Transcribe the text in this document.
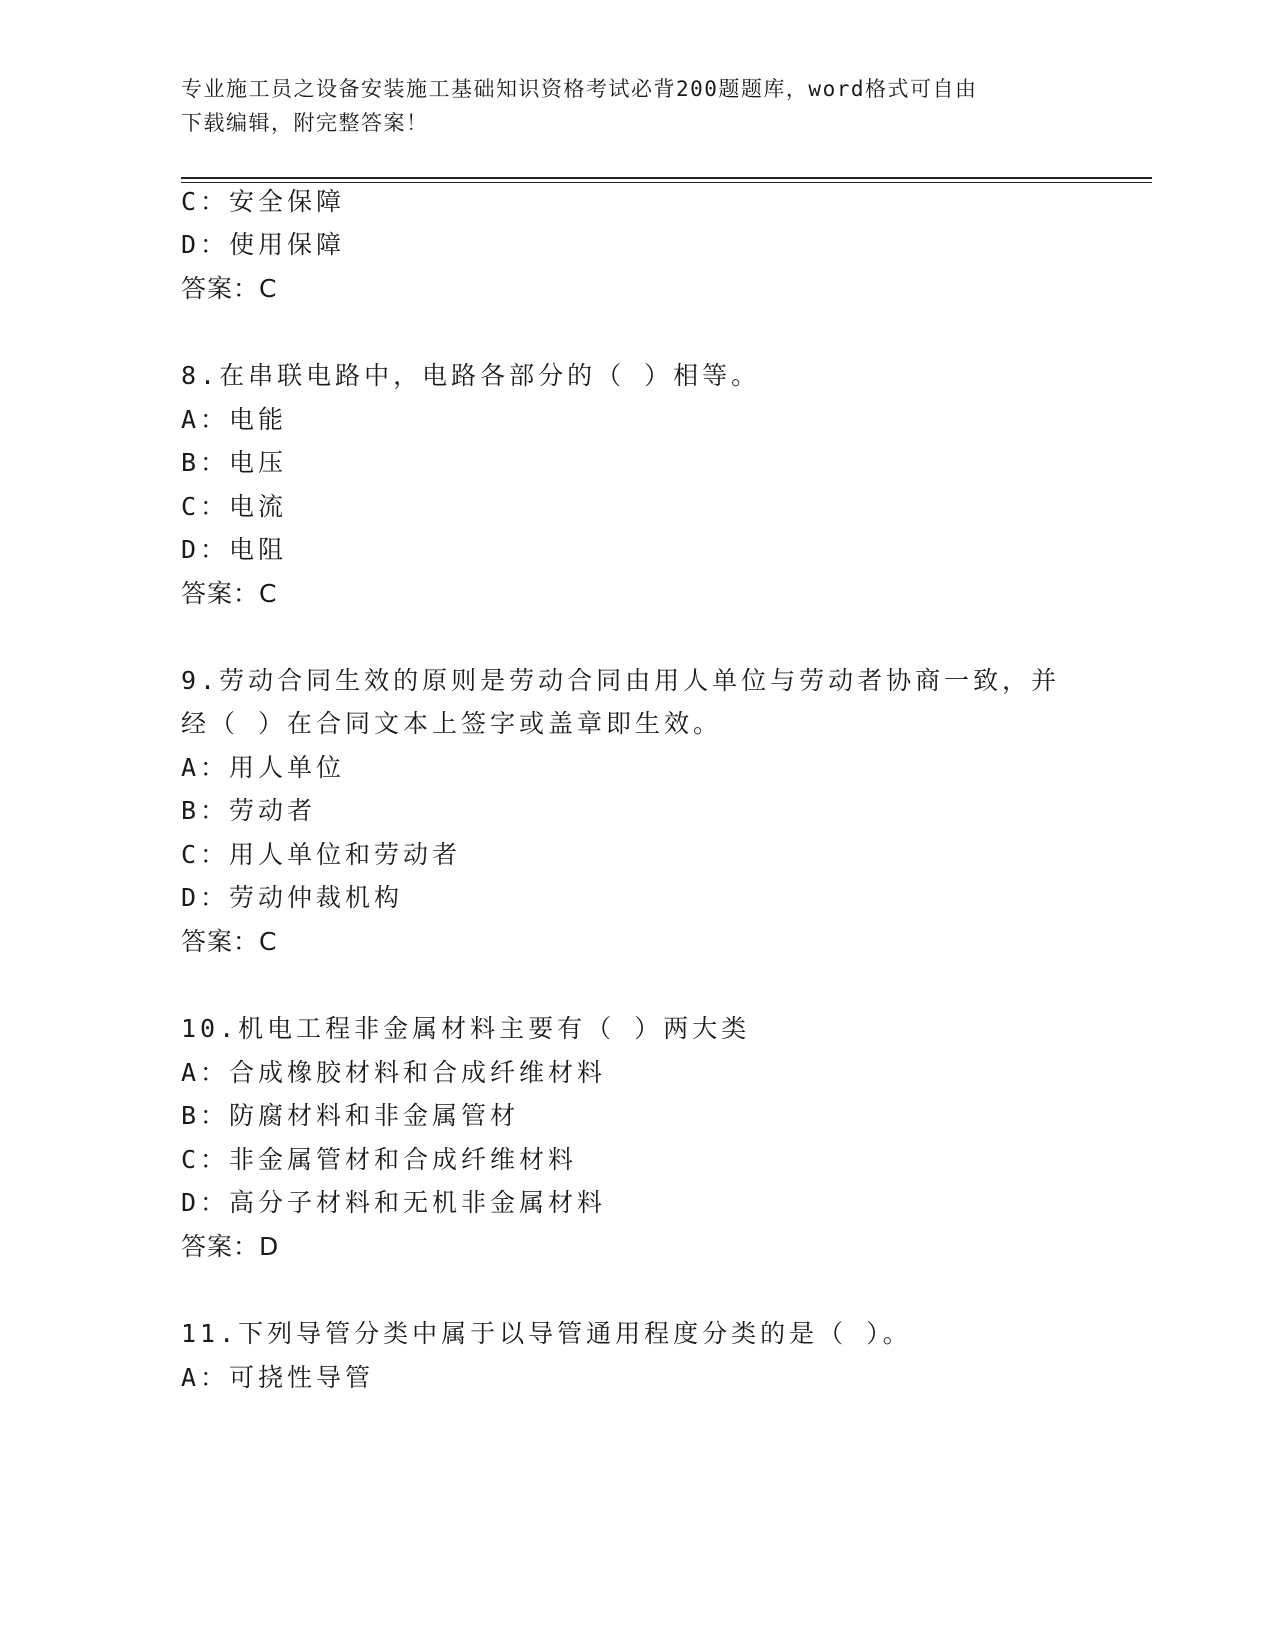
专业施工员之设备安装施工基础知识资格考试必背200题题库，word格式可自由
下载编辑，附完整答案！
C：安全保障
D：使用保障
答案：C
8.在串联电路中，电路各部分的（ ）相等。
A：电能
B：电压
C：电流
D：电阻
答案：C
9.劳动合同生效的原则是劳动合同由用人单位与劳动者协商一致，并
经（ ）在合同文本上签字或盖章即生效。
A：用人单位
B：劳动者
C：用人单位和劳动者
D：劳动仲裁机构
答案：C
10.机电工程非金属材料主要有（ ）两大类
A：合成橡胶材料和合成纤维材料
B：防腐材料和非金属管材
C：非金属管材和合成纤维材料
D：高分子材料和无机非金属材料
答案：D
11.下列导管分类中属于以导管通用程度分类的是（ ）。
A：可挠性导管
